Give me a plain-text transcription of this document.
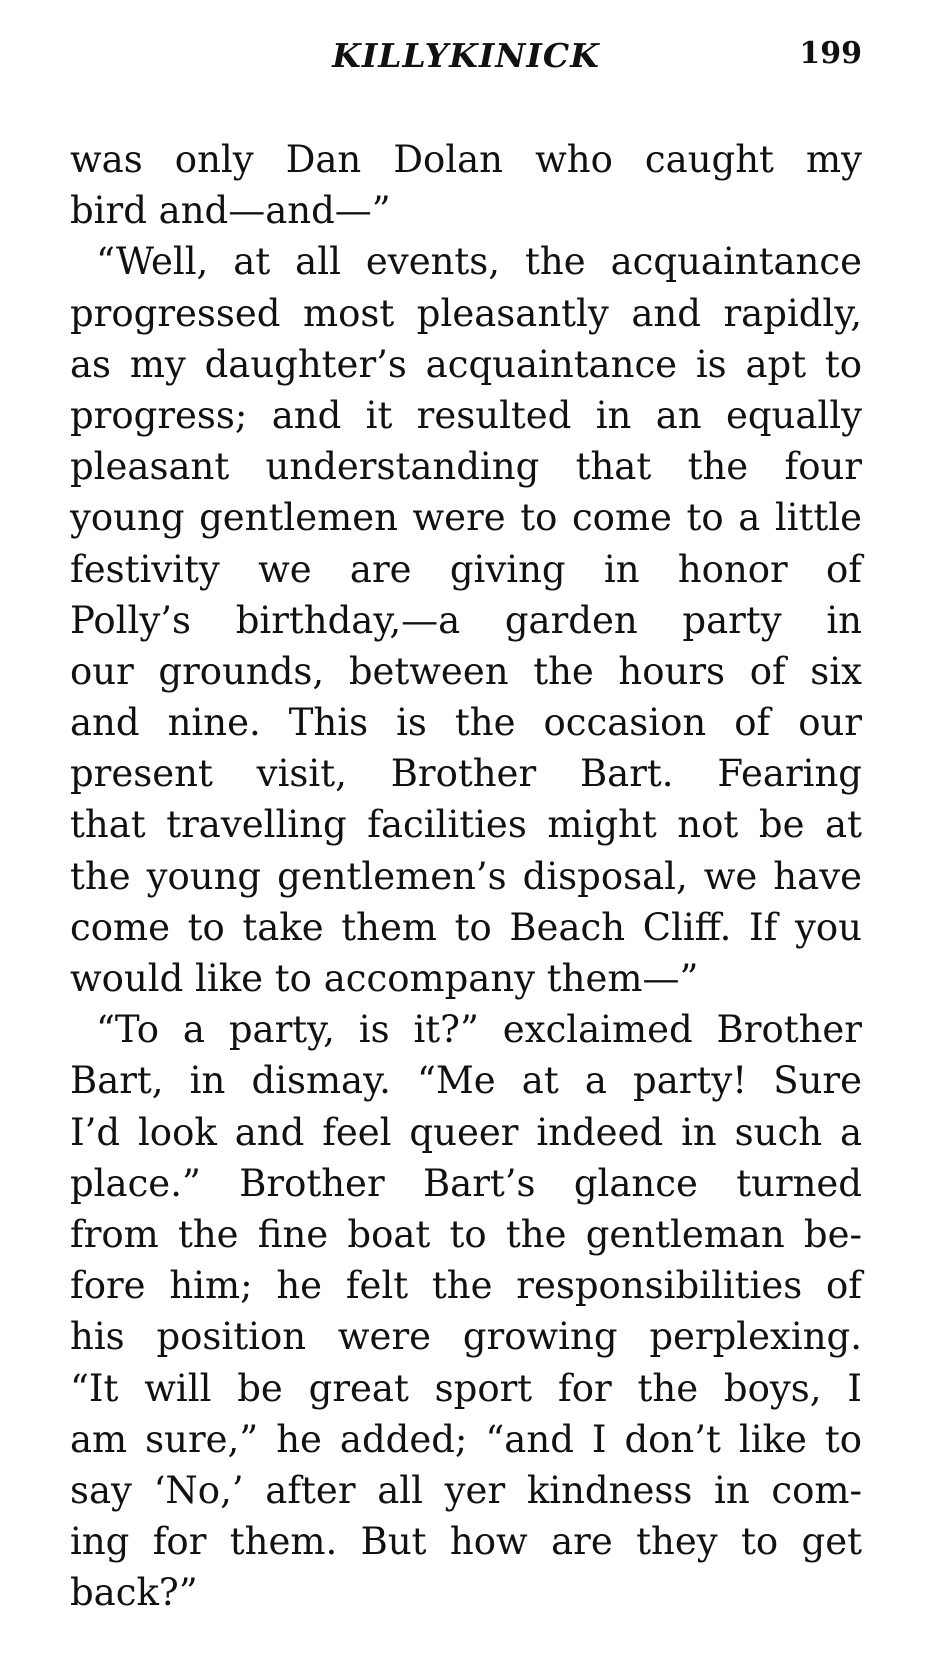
KILLYKINICK	199
was only Dan Dolan who caught my
bird and—and—”
“Well, at all events, the acquaintance
progressed most pleasantly and rapidly,
as my daughter’s acquaintance is apt to
progress; and it resulted in an equally
pleasant understanding that the four
young gentlemen were to come to a little
festivity we are giving in honor of
Polly’s birthday,—a garden party in
our grounds, between the hours of six
and nine. This is the occasion of our
present visit, Brother Bart. Fearing
that travelling facilities might not be at
the young gentlemen’s disposal, we have
come to take them to Beach Cliff. If you
would like to accompany them—”
“To a party, is it?” exclaimed Brother
Bart, in dismay. “Me at a party! Sure
I’d look and feel queer indeed in such a
place.” Brother Bart’s glance turned
from the fine boat to the gentleman be-
fore him; he felt the responsibilities of
his position were growing perplexing.
“It will be great sport for the boys, I
am sure,” he added; “and I don’t like to
say ‘No,’ after all yer kindness in com-
ing for them. But how are they to get
back?”
